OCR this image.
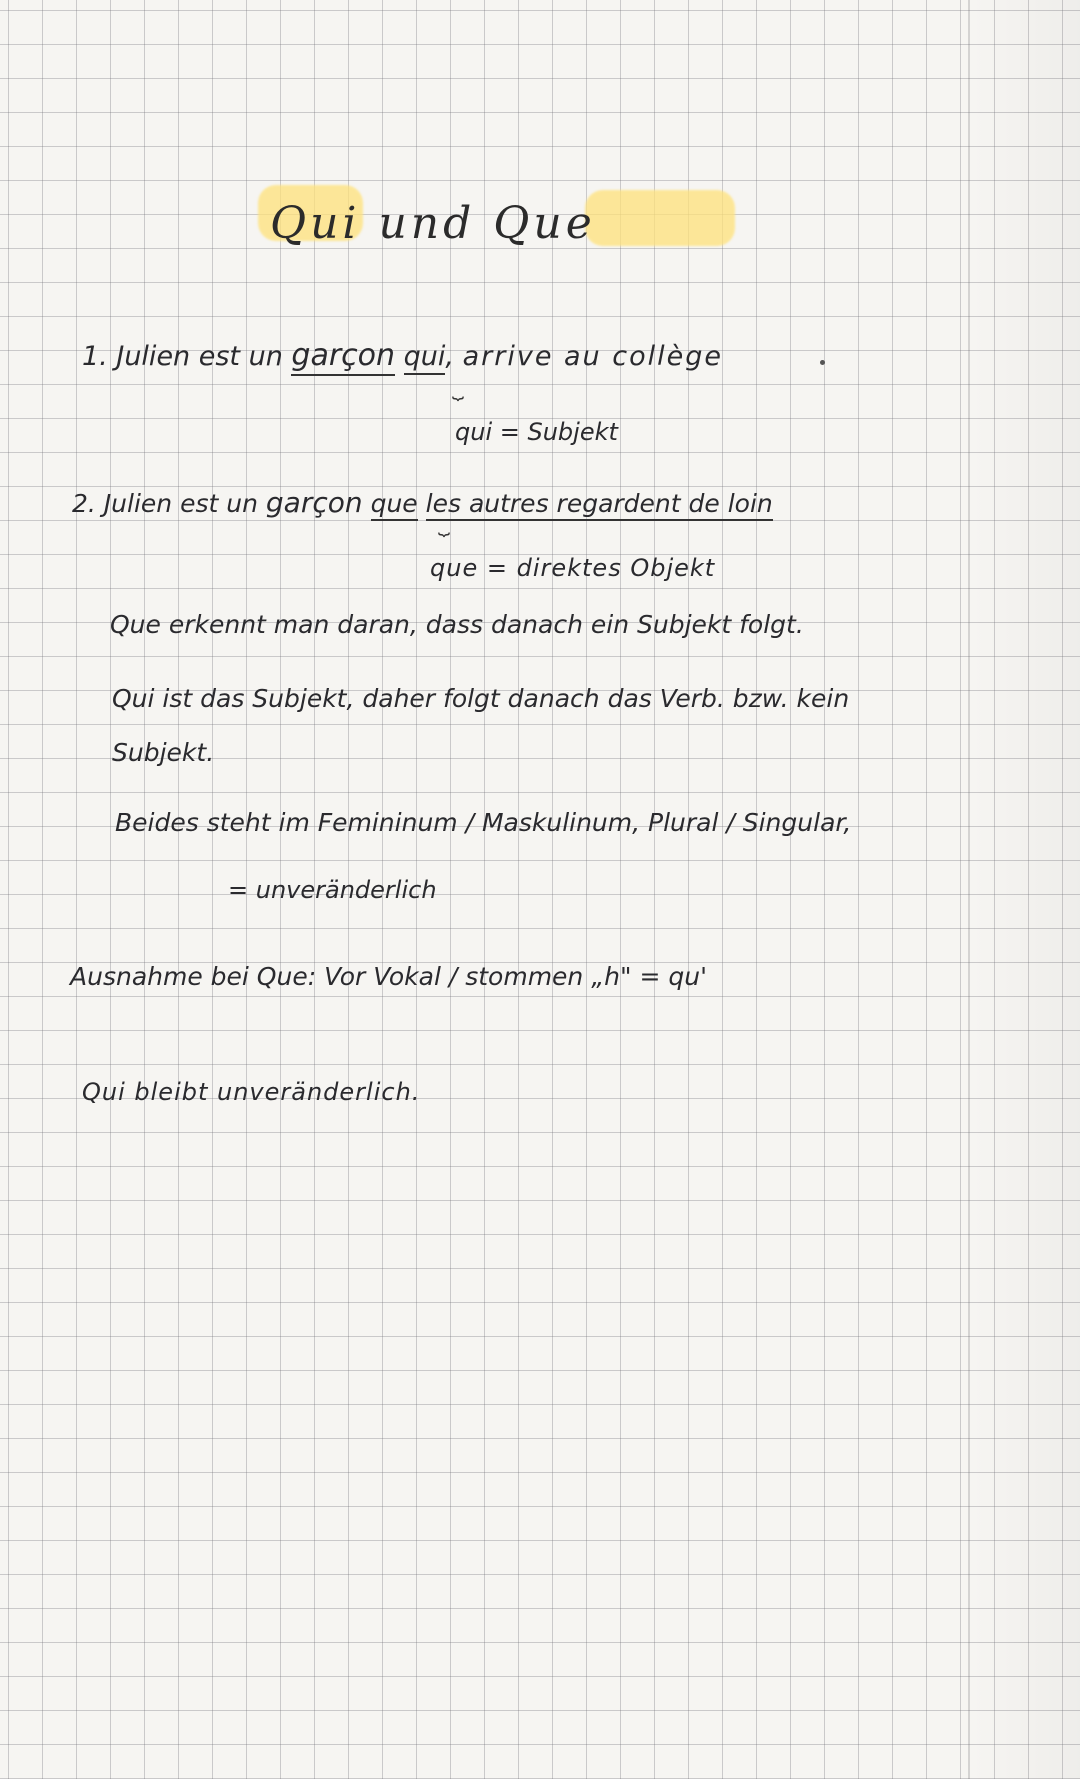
Qui und Que
1. Julien est un garçon qui, arrive au collège
⏟
qui = Subjekt
2. Julien est un garçon que les autres regardent de loin
⏟
que = direktes Objekt
Que erkennt man daran, dass danach ein Subjekt folgt.
Qui ist das Subjekt, daher folgt danach das Verb. bzw. kein
Subjekt.
Beides steht im Femininum / Maskulinum, Plural / Singular,
= unveränderlich
Ausnahme bei Que: Vor Vokal / stommen „h" = qu'
Qui bleibt unveränderlich.
